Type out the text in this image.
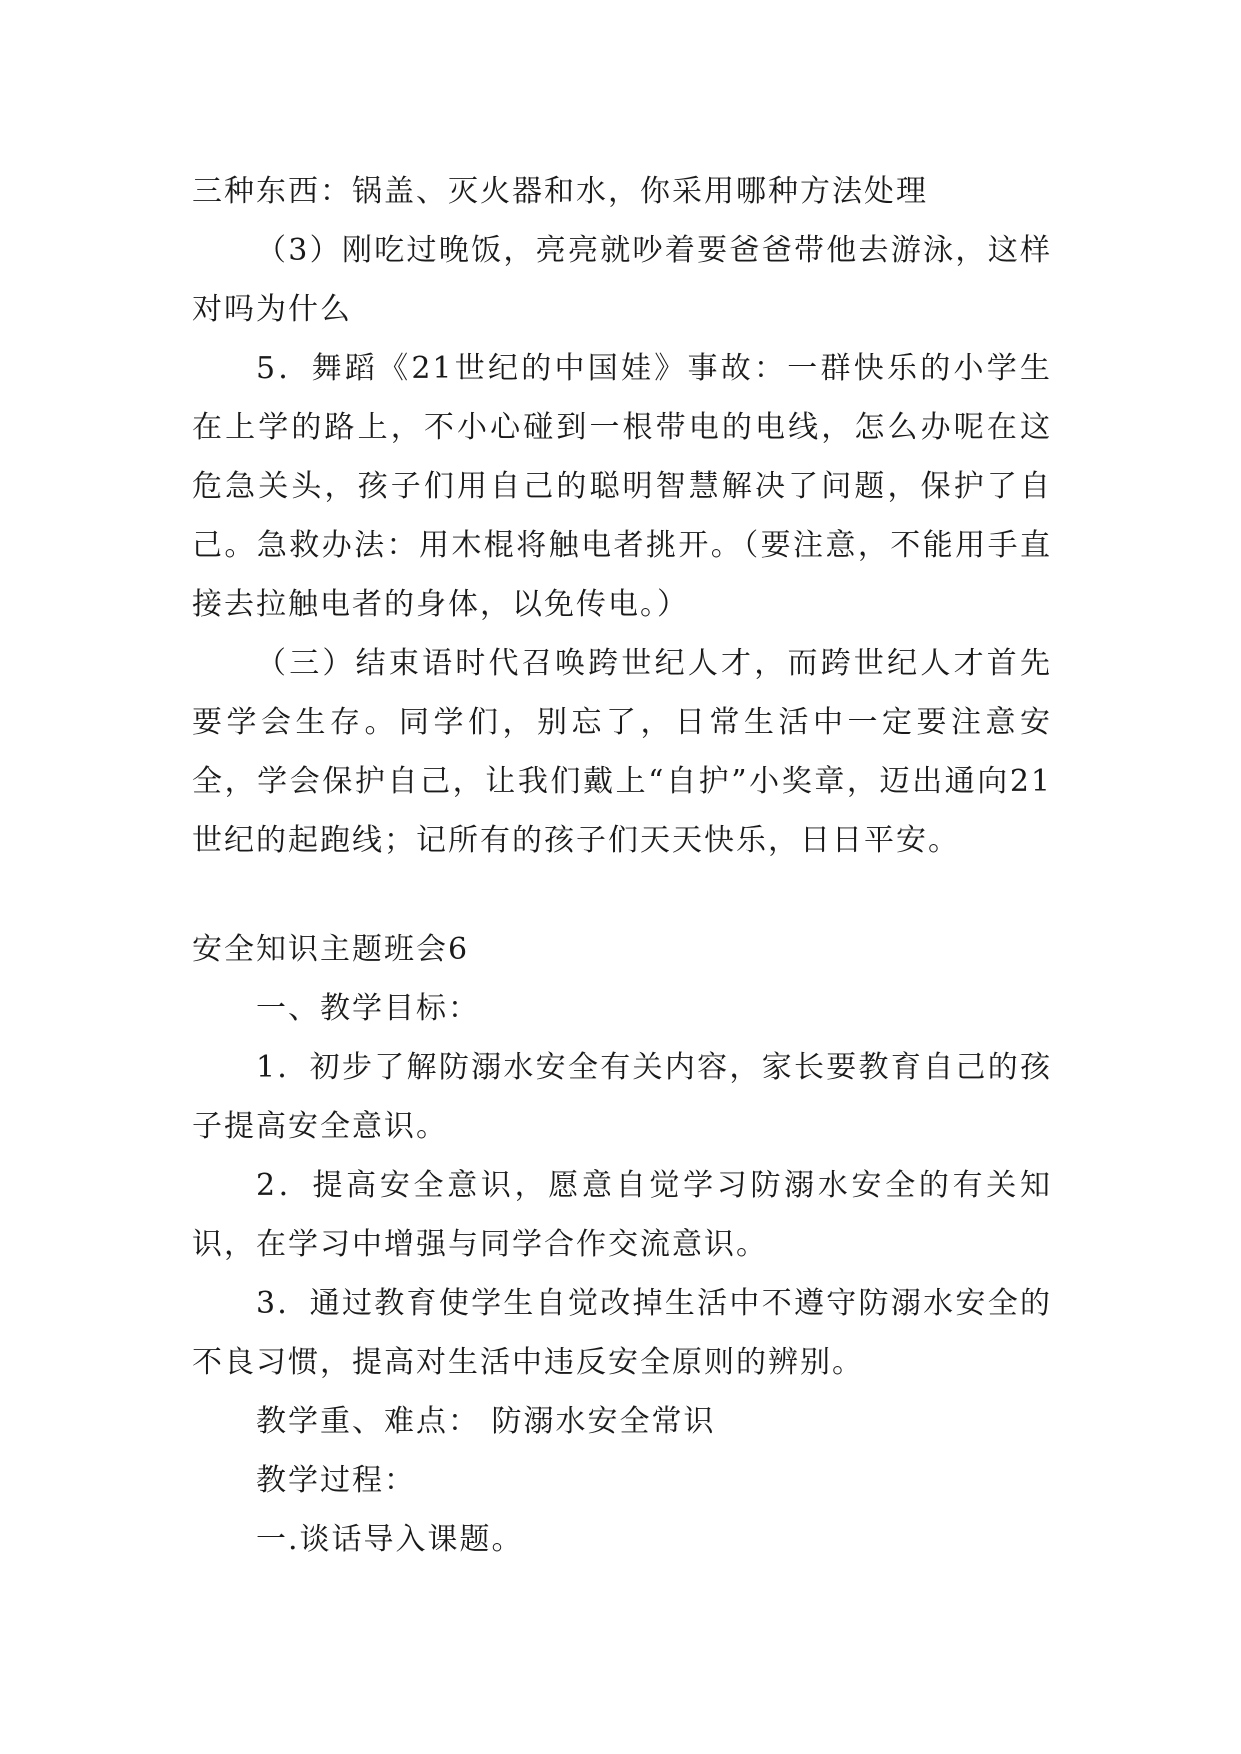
三种东西：锅盖、灭火器和水，你采用哪种方法处理

（3）刚吃过晚饭，亮亮就吵着要爸爸带他去游泳，这样对吗为什么

5．舞蹈《21世纪的中国娃》事故：一群快乐的小学生在上学的路上，不小心碰到一根带电的电线，怎么办呢在这危急关头，孩子们用自己的聪明智慧解决了问题，保护了自己。急救办法：用木棍将触电者挑开。（要注意，不能用手直接去拉触电者的身体，以免传电。）

（三）结束语时代召唤跨世纪人才，而跨世纪人才首先要学会生存。同学们，别忘了，日常生活中一定要注意安全，学会保护自己，让我们戴上“自护”小奖章，迈出通向21世纪的起跑线；记所有的孩子们天天快乐，日日平安。

安全知识主题班会6

一、教学目标：

1．初步了解防溺水安全有关内容，家长要教育自己的孩子提高安全意识。

2．提高安全意识，愿意自觉学习防溺水安全的有关知识，在学习中增强与同学合作交流意识。

3．通过教育使学生自觉改掉生活中不遵守防溺水安全的不良习惯，提高对生活中违反安全原则的辨别。

教学重、难点： 防溺水安全常识

教学过程：

一.谈话导入课题。
